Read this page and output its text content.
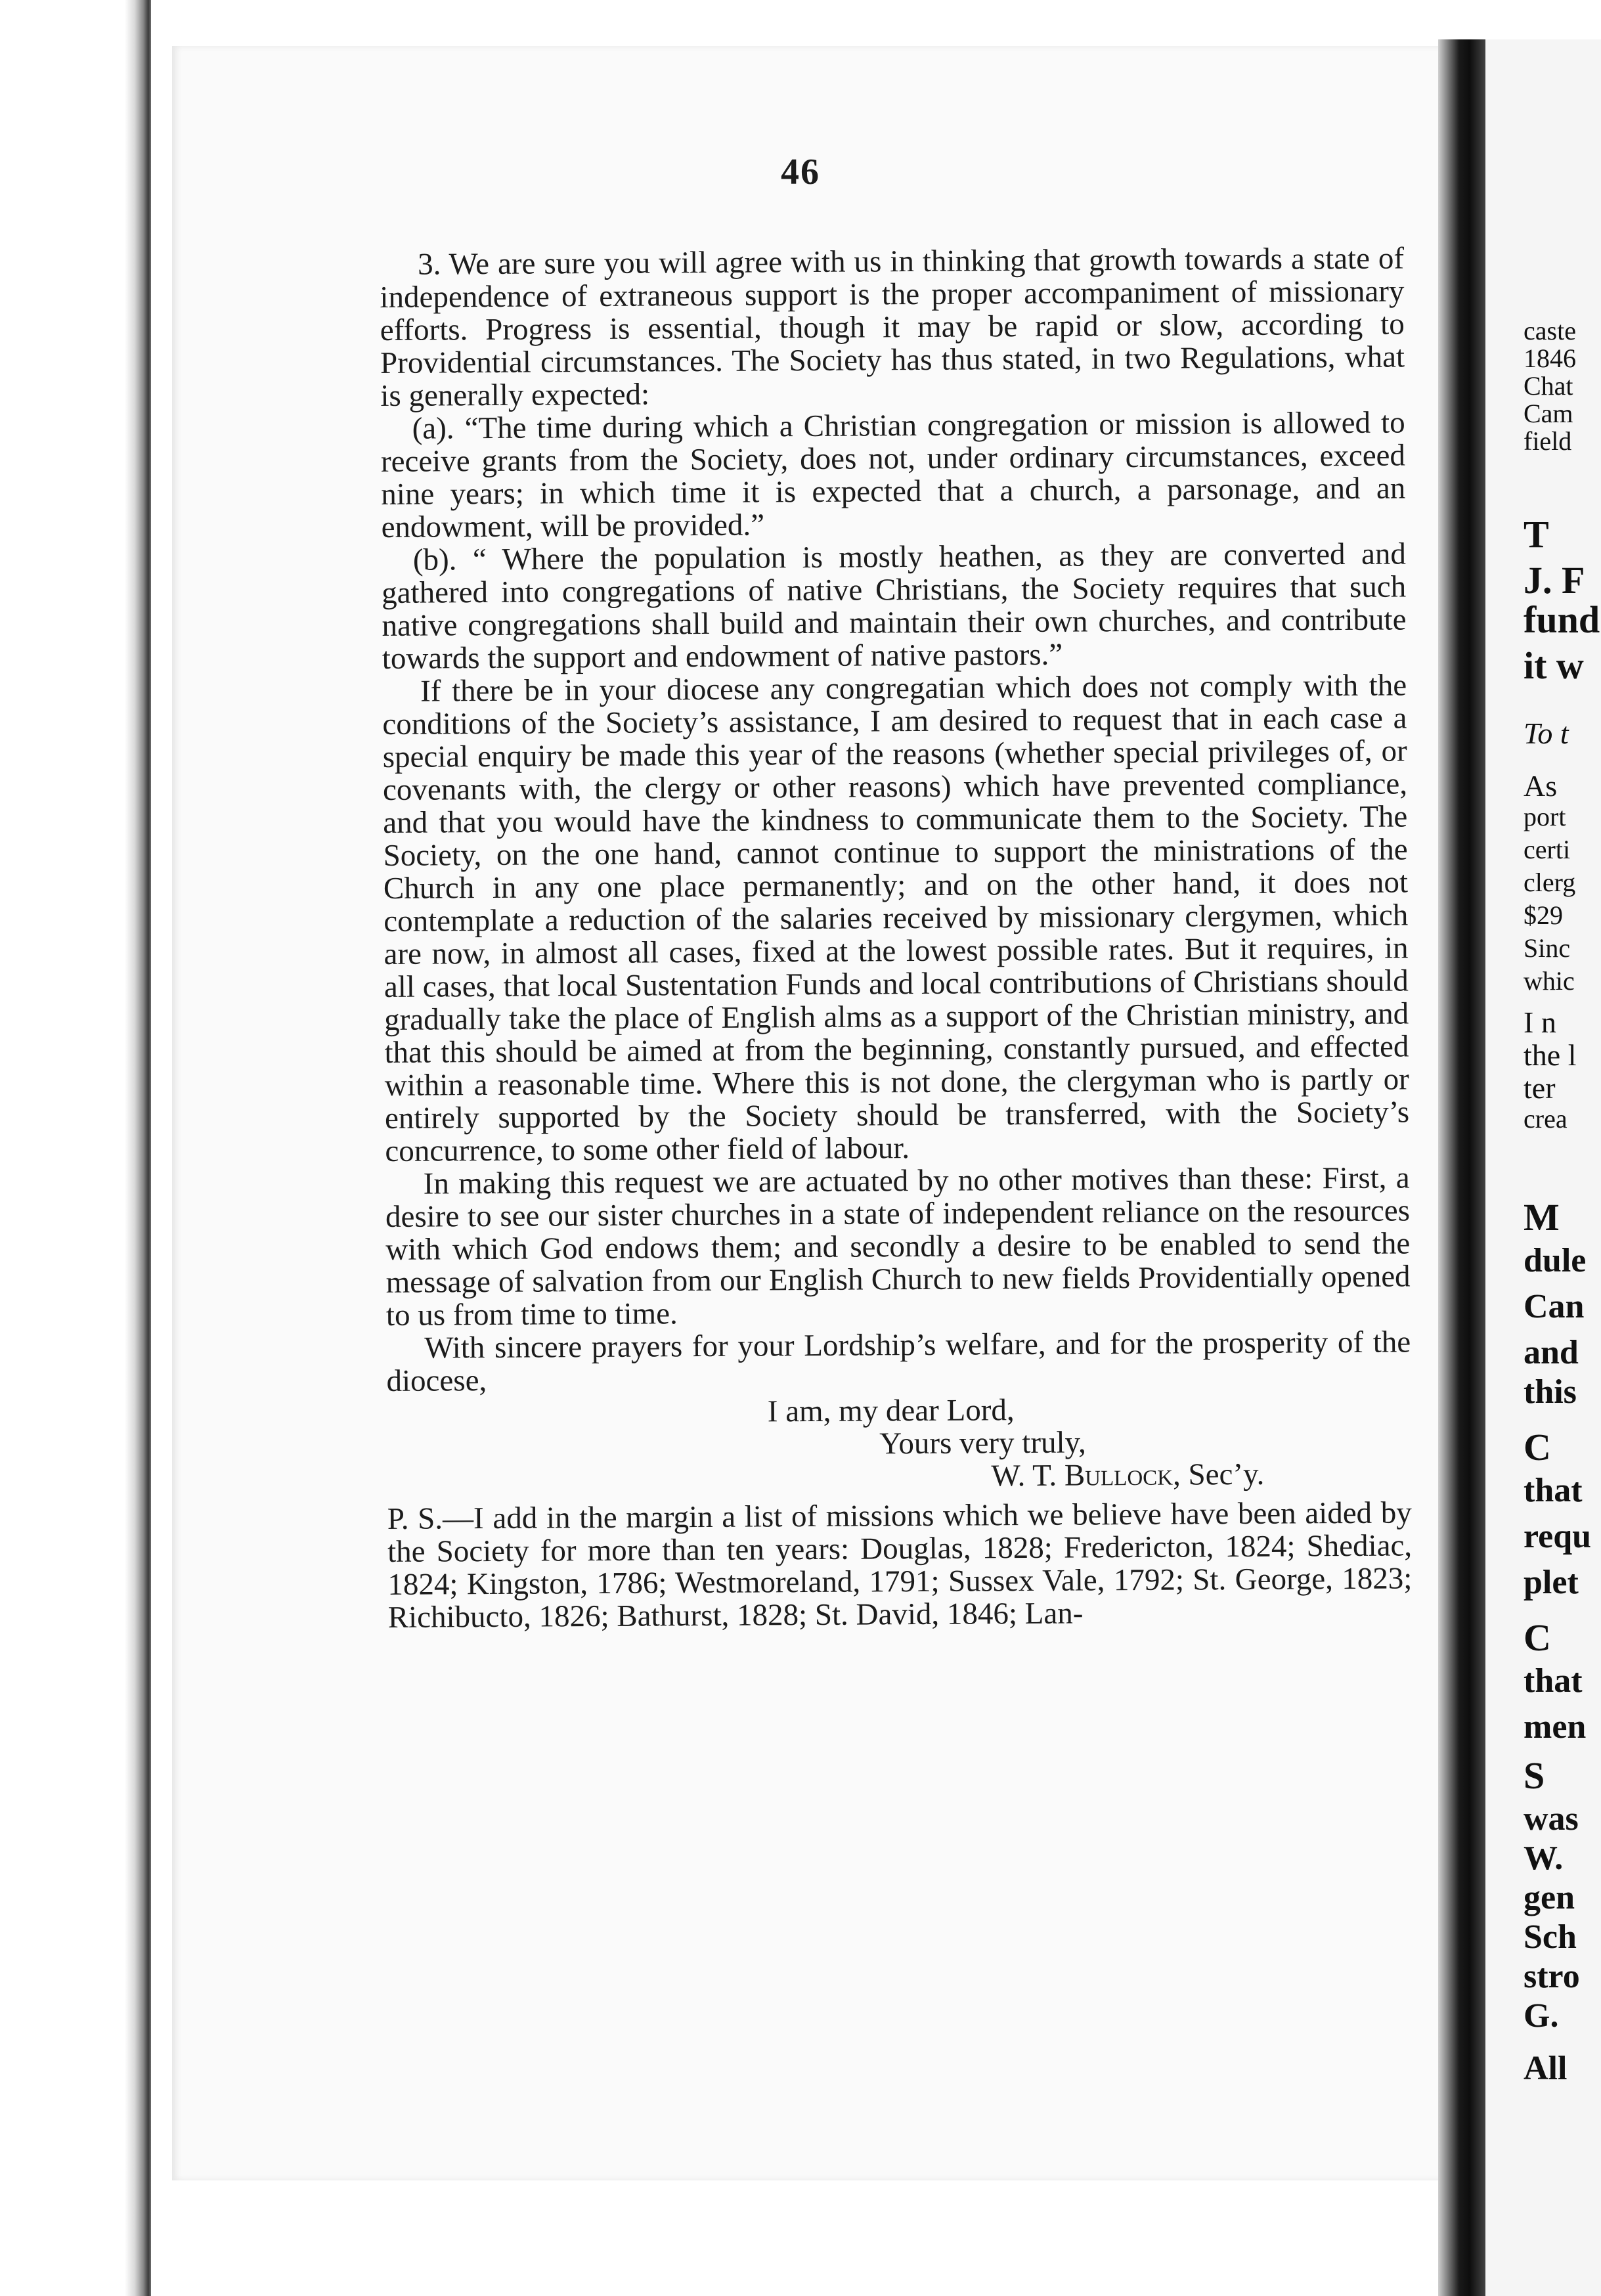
46

3. We are sure you will agree with us in thinking that growth towards a state of independence of extraneous support is the proper accompaniment of missionary efforts. Progress is essential, though it may be rapid or slow, according to Providential circumstances. The Society has thus stated, in two Regulations, what is generally expected:

(a). “The time during which a Christian congregation or mission is allowed to receive grants from the Society, does not, under ordinary circumstances, exceed nine years; in which time it is expected that a church, a parsonage, and an endowment, will be provided.”

(b). “ Where the population is mostly heathen, as they are converted and gathered into congregations of native Christians, the Society requires that such native congregations shall build and maintain their own churches, and contribute towards the support and endowment of native pastors.”

If there be in your diocese any congregatian which does not comply with the conditions of the Society’s assistance, I am desired to request that in each case a special enquiry be made this year of the reasons (whether special privileges of, or covenants with, the clergy or other reasons) which have prevented compliance, and that you would have the kindness to communicate them to the Society. The Society, on the one hand, cannot continue to support the ministrations of the Church in any one place permanently; and on the other hand, it does not contemplate a reduction of the salaries received by missionary clergymen, which are now, in almost all cases, fixed at the lowest possible rates. But it requires, in all cases, that local Sustentation Funds and local contributions of Christians should gradually take the place of English alms as a support of the Christian ministry, and that this should be aimed at from the beginning, constantly pursued, and effected within a reasonable time. Where this is not done, the clergyman who is partly or entirely supported by the Society should be transferred, with the Society’s concurrence, to some other field of labour.

In making this request we are actuated by no other motives than these: First, a desire to see our sister churches in a state of independent reliance on the resources with which God endows them; and secondly a desire to be enabled to send the message of salvation from our English Church to new fields Providentially opened to us from time to time.

With sincere prayers for your Lordship’s welfare, and for the prosperity of the diocese,

I am, my dear Lord,
Yours very truly,
W. T. Bullock, Sec’y.

P. S.—I add in the margin a list of missions which we believe have been aided by the Society for more than ten years: Douglas, 1828; Fredericton, 1824; Shediac, 1824; Kingston, 1786; Westmoreland, 1791; Sussex Vale, 1792; St. George, 1823; Richibucto, 1826; Bathurst, 1828; St. David, 1846; Lan-

caste
1846
Chat
Cam
field
T
J. F
fund
it w
To t
As
port
certi
clerg
$29
Sinc
whic
I n
the l
ter
crea
M
dule
Can
and
this
C
that
requ
plet
C
that
men
S
was
W.
gen
Sch
stro
G.
All
